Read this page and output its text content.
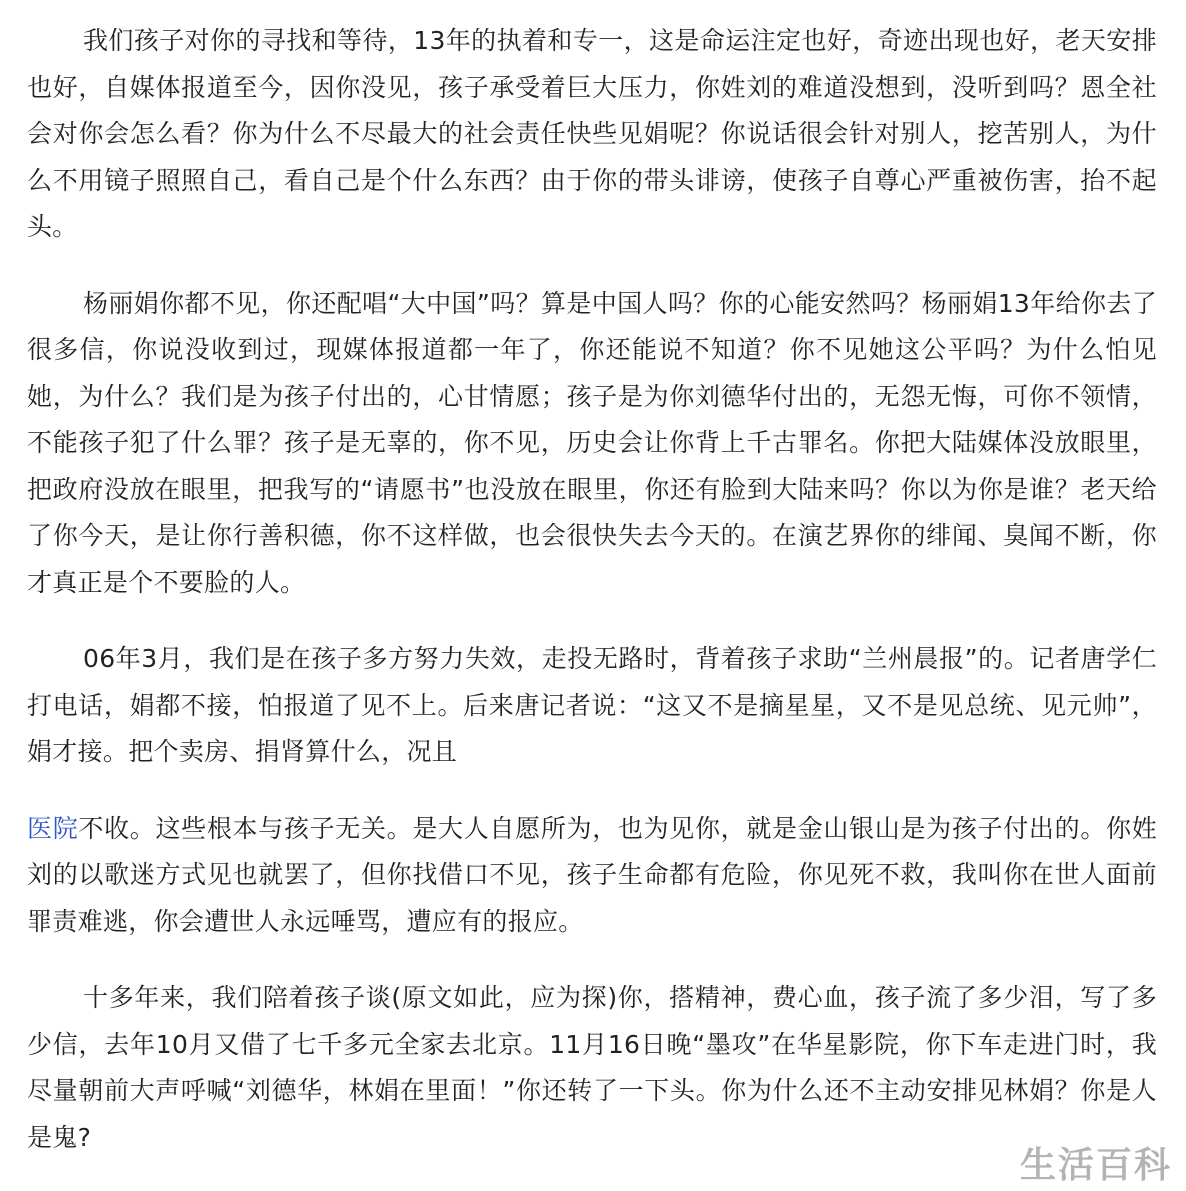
我们孩子对你的寻找和等待，13年的执着和专一，这是命运注定也好，奇迹出现也好，老天安排也好，自媒体报道至今，因你没见，孩子承受着巨大压力，你姓刘的难道没想到，没听到吗？恩全社会对你会怎么看？你为什么不尽最大的社会责任快些见娟呢？你说话很会针对别人，挖苦别人，为什么不用镜子照照自己，看自己是个什么东西？由于你的带头诽谤，使孩子自尊心严重被伤害，抬不起头。

杨丽娟你都不见，你还配唱“大中国”吗？算是中国人吗？你的心能安然吗？杨丽娟13年给你去了很多信，你说没收到过，现媒体报道都一年了，你还能说不知道？你不见她这公平吗？为什么怕见她，为什么？我们是为孩子付出的，心甘情愿；孩子是为你刘德华付出的，无怨无悔，可你不领情，不能孩子犯了什么罪？孩子是无辜的，你不见，历史会让你背上千古罪名。你把大陆媒体没放眼里，把政府没放在眼里，把我写的“请愿书”也没放在眼里，你还有脸到大陆来吗？你以为你是谁？老天给了你今天，是让你行善积德，你不这样做，也会很快失去今天的。在演艺界你的绯闻、臭闻不断，你才真正是个不要脸的人。

06年3月，我们是在孩子多方努力失效，走投无路时，背着孩子求助“兰州晨报”的。记者唐学仁打电话，娟都不接，怕报道了见不上。后来唐记者说：“这又不是摘星星，又不是见总统、见元帅”，娟才接。把个卖房、捐肾算什么，况且

医院不收。这些根本与孩子无关。是大人自愿所为，也为见你，就是金山银山是为孩子付出的。你姓刘的以歌迷方式见也就罢了，但你找借口不见，孩子生命都有危险，你见死不救，我叫你在世人面前罪责难逃，你会遭世人永远唾骂，遭应有的报应。

十多年来，我们陪着孩子谈(原文如此，应为探)你，搭精神，费心血，孩子流了多少泪，写了多少信，去年10月又借了七千多元全家去北京。11月16日晚“墨攻”在华星影院，你下车走进门时，我尽量朝前大声呼喊“刘德华，林娟在里面！”你还转了一下头。你为什么还不主动安排见林娟？你是人是鬼?

生活百科
